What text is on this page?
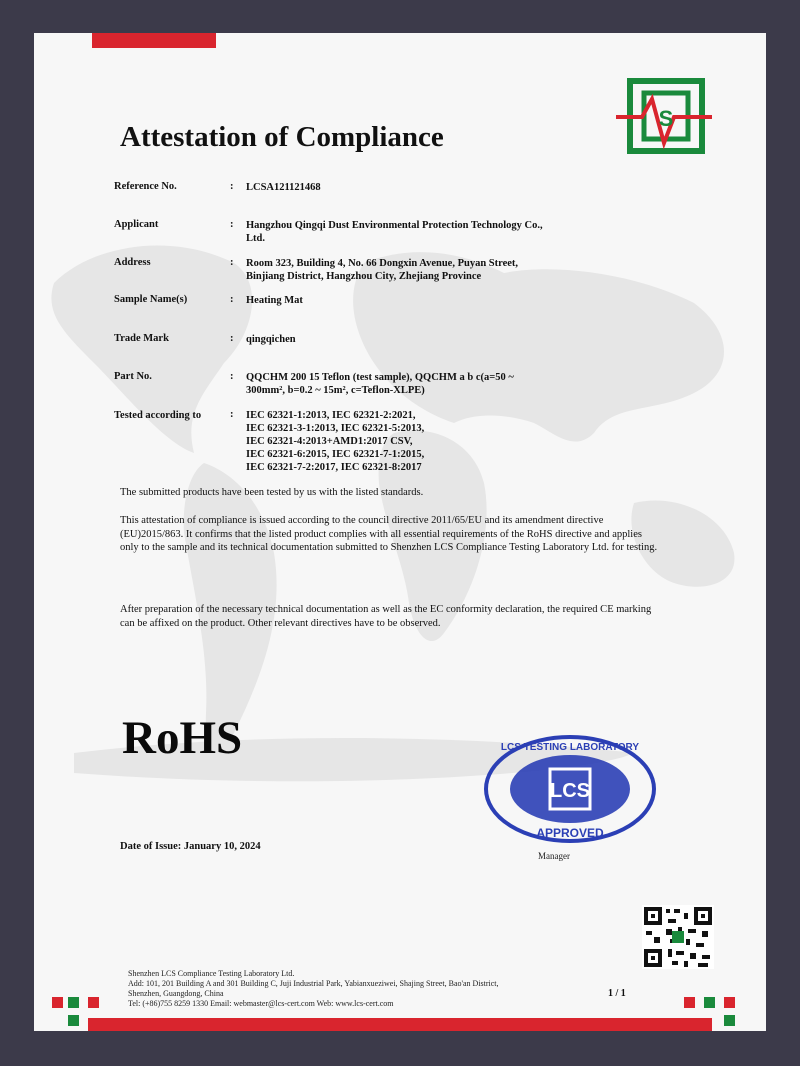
Attestation of Compliance
S
Reference No.	: LCSA121121468
Applicant	: Hangzhou Qingqi Dust Environmental Protection Technology Co.,
Ltd.
Address	: Room 323, Building 4, No. 66 Dongxin Avenue, Puyan Street,
Binjiang District, Hangzhou City, Zhejiang Province
Sample Name(s)	: Heating Mat
Trade Mark	: qingqichen
Part No.	: QQCHM 200 15 Teflon (test sample), QQCHM a b c(a=50 ~
300mm², b=0.2 ~ 15m², c=Teflon-XLPE)
Tested according to	: IEC 62321-1:2013, IEC 62321-2:2021,
IEC 62321-3-1:2013, IEC 62321-5:2013,
IEC 62321-4:2013+AMD1:2017 CSV,
IEC 62321-6:2015, IEC 62321-7-1:2015,
IEC 62321-7-2:2017, IEC 62321-8:2017
The submitted products have been tested by us with the listed standards.
This attestation of compliance is issued according to the council directive 2011/65/EU and its amendment directive (EU)2015/863. It confirms that the listed product complies with all essential requirements of the RoHS directive and applies only to the sample and its technical documentation submitted to Shenzhen LCS Compliance Testing Laboratory Ltd. for testing.
After preparation of the necessary technical documentation as well as the EC conformity declaration, the required CE marking can be affixed on the product. Other relevant directives have to be observed.
RoHS
LCS
LCS TESTING LABORATORY
APPROVED
Date of Issue: January 10, 2024
Manager
Shenzhen LCS Compliance Testing Laboratory Ltd.
Add: 101, 201 Building A and 301 Building C, Juji Industrial Park, Yabianxueziwei, Shajing Street, Bao'an District,
Shenzhen, Guangdong, China
Tel: (+86)755 8259 1330 Email: webmaster@lcs-cert.com Web: www.lcs-cert.com
1 / 1
